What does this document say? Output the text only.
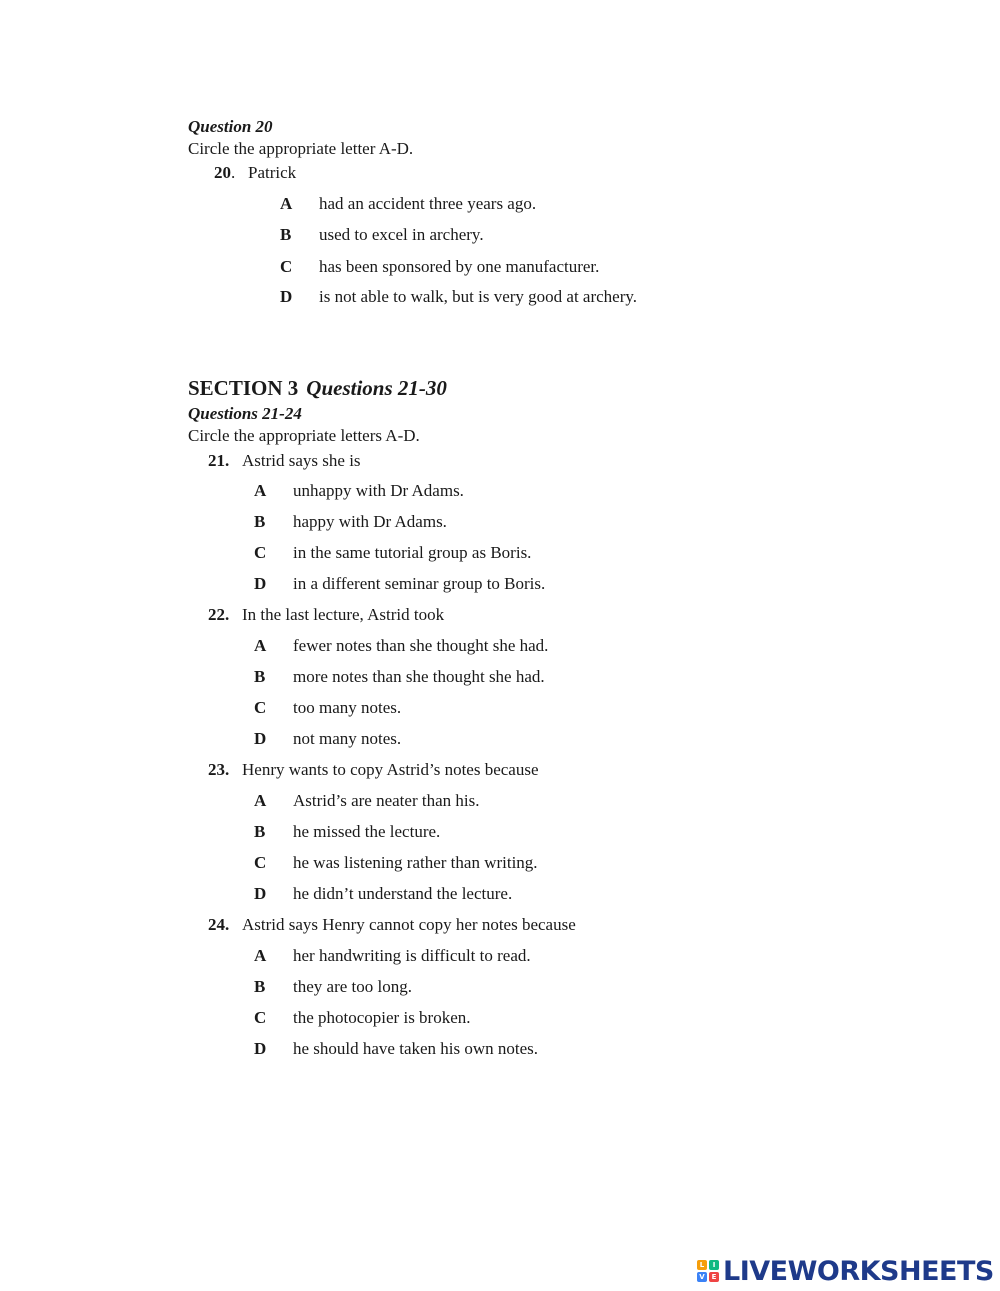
Question 20
Circle the appropriate letter A-D.
20.   Patrick
A had an accident three years ago.
B used to excel in archery.
C has been sponsored by one manufacturer.
D is not able to walk, but is very good at archery.
SECTION 3 Questions 21-30
Questions 21-24
Circle the appropriate letters A-D.
21. Astrid says she is
A unhappy with Dr Adams.
B happy with Dr Adams.
C in the same tutorial group as Boris.
D in a different seminar group to Boris.
22. In the last lecture, Astrid took
A fewer notes than she thought she had.
B more notes than she thought she had.
C too many notes.
D not many notes.
23. Henry wants to copy Astrid’s notes because
A Astrid’s are neater than his.
B he missed the lecture.
C he was listening rather than writing.
D he didn’t understand the lecture.
24. Astrid says Henry cannot copy her notes because
A her handwriting is difficult to read.
B they are too long.
C the photocopier is broken.
D he should have taken his own notes.
L	I
V E LIVEWORKSHEETS
